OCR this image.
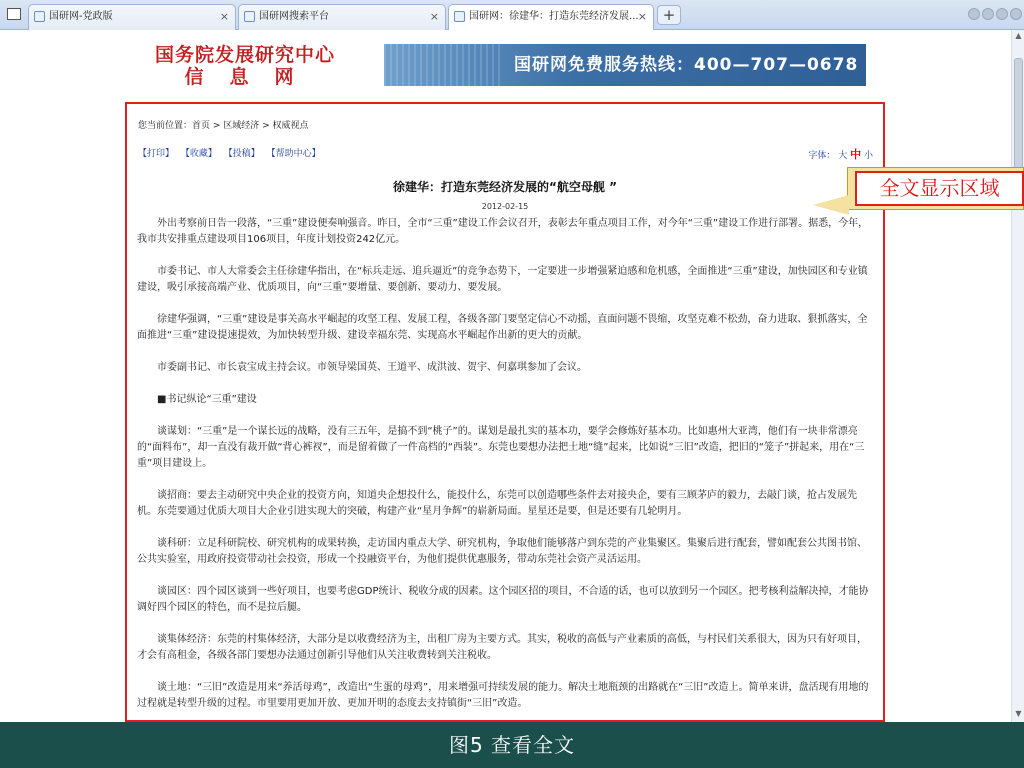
国研网-党政版	×	国研网搜索平台	×	国研网：徐建华：打造东莞经济发展... ×	+
国务院发展研究中心
信息网
国研网免费服务热线：400—707—0678
您当前位置：首页 > 区域经济 > 权威视点
【打印】 【收藏】 【投稿】 【帮助中心】	字体： 大 中 小
徐建华：打造东莞经济发展的“航空母舰 ”
2012-02-15

外出考察前日告一段落，“三重”建设便奏响强音。昨日，全市“三重”建设工作会议召开，表彰去年重点项目工作，对今年“三重”建设工作进行部署。据悉，今年，我市共安排重点建设项目106项目，年度计划投资242亿元。

市委书记、市人大常委会主任徐建华指出，在“标兵走远、追兵逼近”的竞争态势下，一定要进一步增强紧迫感和危机感，全面推进“三重”建设，加快园区和专业镇建设，吸引承接高端产业、优质项目，向“三重”要增量、要创新、要动力、要发展。

徐建华强调，“三重”建设是事关高水平崛起的攻坚工程、发展工程，各级各部门要坚定信心不动摇，直面问题不畏缩，攻坚克难不松劲，奋力进取、狠抓落实，全面推进“三重”建设提速提效，为加快转型升级、建设幸福东莞、实现高水平崛起作出新的更大的贡献。

市委副书记、市长袁宝成主持会议。市领导梁国英、王道平、成洪波、贺宇、何嘉琪参加了会议。

■书记纵论“三重”建设

谈谋划：“三重”是一个谋长远的战略，没有三五年，是搞不到“桃子”的。谋划是最扎实的基本功，要学会修炼好基本功。比如惠州大亚湾，他们有一块非常漂亮的“面料布”，却一直没有裁开做“背心裤衩”，而是留着做了一件高档的“西装”。东莞也要想办法把土地“缝”起来，比如说“三旧”改造，把旧的“笼子”拼起来，用在“三重”项目建设上。

谈招商：要去主动研究中央企业的投资方向，知道央企想投什么，能投什么，东莞可以创造哪些条件去对接央企，要有三顾茅庐的毅力，去敲门谈，抢占发展先机。东莞要通过优质大项目大企业引进实现大的突破，构建产业“星月争辉”的崭新局面。星星还是要，但是还要有几轮明月。

谈科研：立足科研院校、研究机构的成果转换，走访国内重点大学、研究机构，争取他们能够落户到东莞的产业集聚区。集聚后进行配套，譬如配套公共图书馆、公共实验室，用政府投资带动社会投资，形成一个投融资平台，为他们提供优惠服务，带动东莞社会资产灵活运用。

谈园区：四个园区谈到一些好项目，也要考虑GDP统计、税收分成的因素。这个园区招的项目，不合适的话，也可以放到另一个园区。把考核利益解决掉，才能协调好四个园区的特色，而不是拉后腿。

谈集体经济：东莞的村集体经济，大部分是以收费经济为主，出租厂房为主要方式。其实，税收的高低与产业素质的高低，与村民们关系很大，因为只有好项目，才会有高租金，各级各部门要想办法通过创新引导他们从关注收费转到关注税收。

谈土地：“三旧”改造是用来“养活母鸡”，改造出“生蛋的母鸡”，用来增强可持续发展的能力。解决土地瓶颈的出路就在“三旧”改造上。简单来讲，盘活现有用地的过程就是转型升级的过程。市里要用更加开放、更加开明的态度去支持镇街“三旧”改造。

▲
▼
全文显示区域
图5 查看全文
